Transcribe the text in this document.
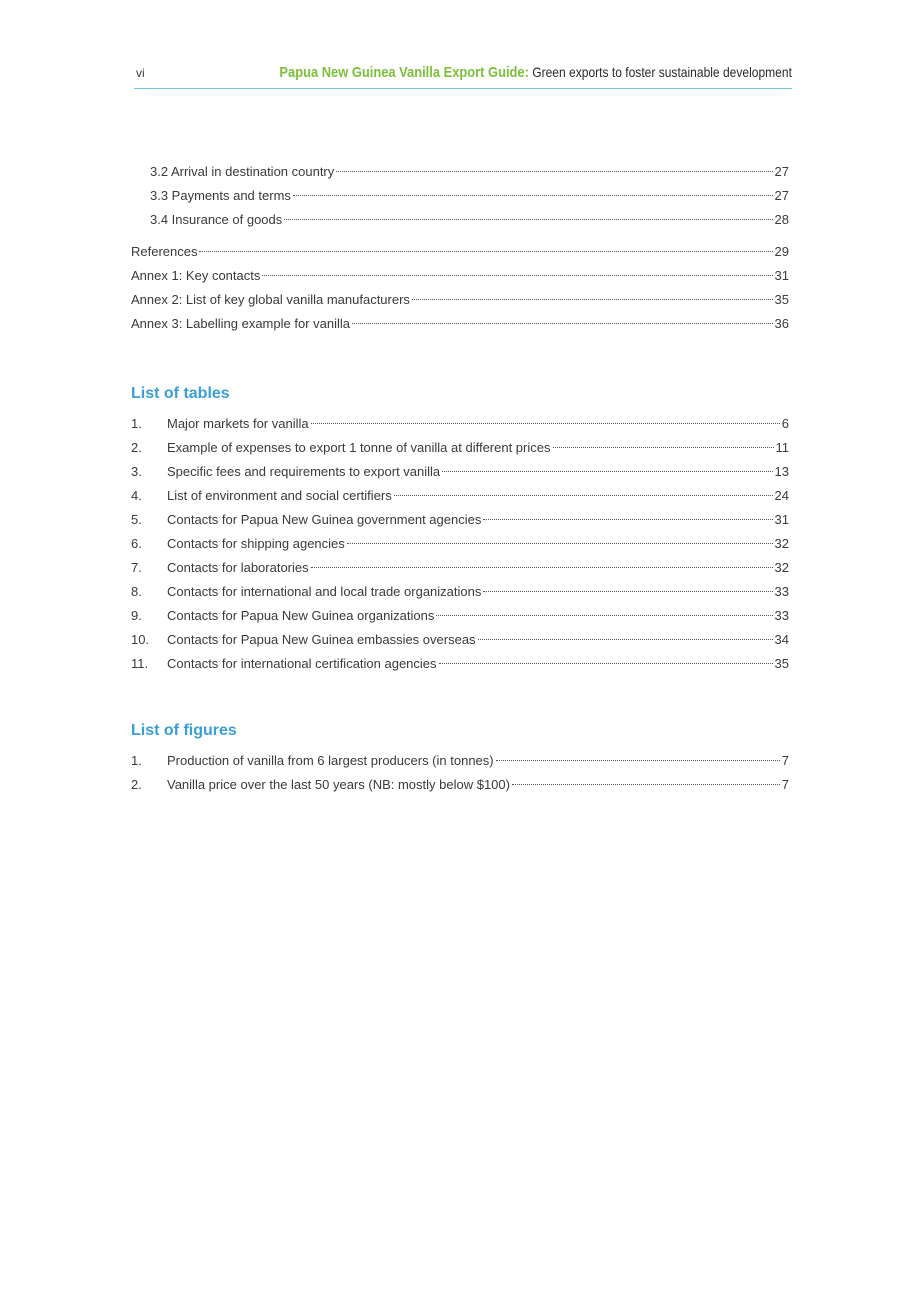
vi	Papua New Guinea Vanilla Export Guide: Green exports to foster sustainable development
3.2 Arrival in destination country	27
3.3 Payments and terms	27
3.4 Insurance of goods	28
References	29
Annex 1: Key contacts	31
Annex 2: List of key global vanilla manufacturers	35
Annex 3: Labelling example for vanilla	36
List of tables
1.	Major markets for vanilla	6
2.	Example of expenses to export 1 tonne of vanilla at different prices	11
3.	Specific fees and requirements to export vanilla	13
4.	List of environment and social certifiers	24
5.	Contacts for Papua New Guinea government agencies	31
6.	Contacts for shipping agencies	32
7.	Contacts for laboratories	32
8.	Contacts for international and local trade organizations	33
9.	Contacts for Papua New Guinea organizations	33
10.	Contacts for Papua New Guinea embassies overseas	34
11.	Contacts for international certification agencies	35
List of figures
1.	Production of vanilla from 6 largest producers (in tonnes)	7
2.	Vanilla price over the last 50 years (NB: mostly below $100)	7
